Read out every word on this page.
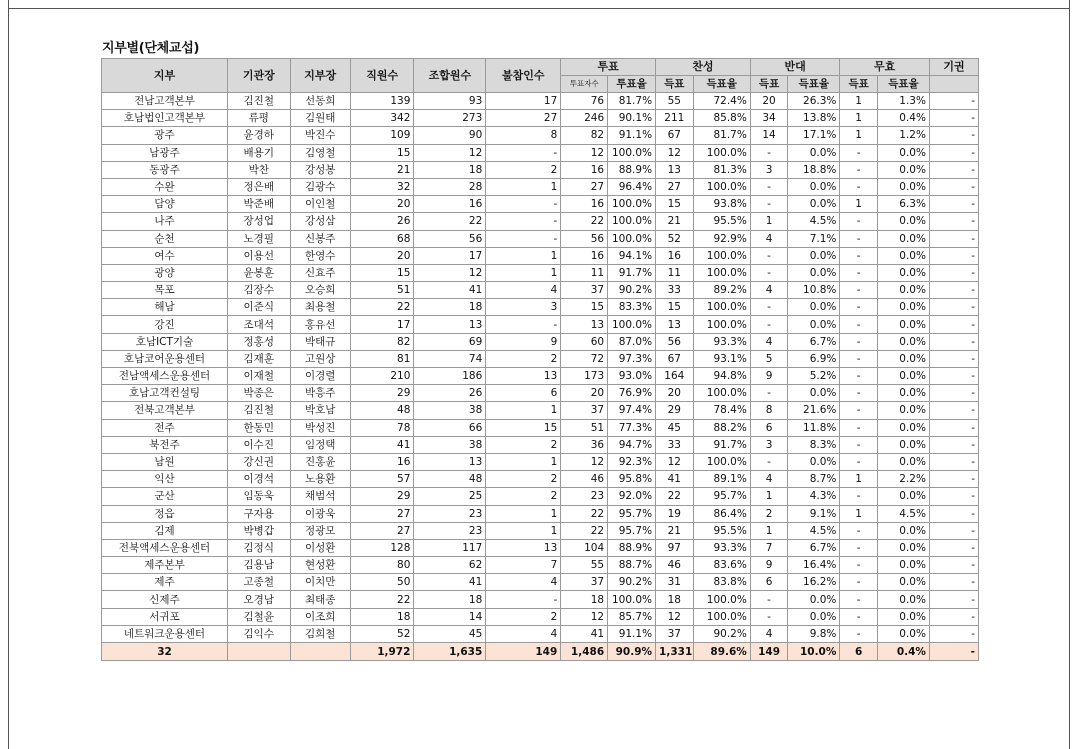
지부별(단체교섭)
지부	기관장	지부장	직원수	조합원수	불참인수	투표		찬성		반대		무효		기권
						투표자수	투표율	득표	득표율	득표	득표율	득표	득표율	
전남고객본부	김진철	선동희	139	93	17	76	81.7%	55	72.4%	20	26.3%	1	1.3%	-
호남법인고객본부	류평	김원태	342	273	27	246	90.1%	211	85.8%	34	13.8%	1	0.4%	-
광주	윤경하	박진수	109	90	8	82	91.1%	67	81.7%	14	17.1%	1	1.2%	-
남광주	배용기	김영철	15	12	-	12	100.0%	12	100.0%	-	0.0%	-	0.0%	-
동광주	박찬	강성봉	21	18	2	16	88.9%	13	81.3%	3	18.8%	-	0.0%	-
수완	정은배	김광수	32	28	1	27	96.4%	27	100.0%	-	0.0%	-	0.0%	-
담양	박준배	이인철	20	16	-	16	100.0%	15	93.8%	-	0.0%	1	6.3%	-
나주	장성업	강성삼	26	22	-	22	100.0%	21	95.5%	1	4.5%	-	0.0%	-
순천	노경필	신봉주	68	56	-	56	100.0%	52	92.9%	4	7.1%	-	0.0%	-
여수	이용선	한영수	20	17	1	16	94.1%	16	100.0%	-	0.0%	-	0.0%	-
광양	윤봉훈	신효주	15	12	1	11	91.7%	11	100.0%	-	0.0%	-	0.0%	-
목포	김장수	오승희	51	41	4	37	90.2%	33	89.2%	4	10.8%	-	0.0%	-
해남	이준식	최용철	22	18	3	15	83.3%	15	100.0%	-	0.0%	-	0.0%	-
강진	조대석	홍유선	17	13	-	13	100.0%	13	100.0%	-	0.0%	-	0.0%	-
호남ICT기술	정홍성	박태규	82	69	9	60	87.0%	56	93.3%	4	6.7%	-	0.0%	-
호남코어운용센터	김재훈	고원상	81	74	2	72	97.3%	67	93.1%	5	6.9%	-	0.0%	-
전남액세스운용센터	이재철	이경렬	210	186	13	173	93.0%	164	94.8%	9	5.2%	-	0.0%	-
호남고객컨설팅	박종은	박흥주	29	26	6	20	76.9%	20	100.0%	-	0.0%	-	0.0%	-
전북고객본부	김진철	박호남	48	38	1	37	97.4%	29	78.4%	8	21.6%	-	0.0%	-
전주	한동민	박성진	78	66	15	51	77.3%	45	88.2%	6	11.8%	-	0.0%	-
북전주	이수진	임정택	41	38	2	36	94.7%	33	91.7%	3	8.3%	-	0.0%	-
남원	강신권	진홍윤	16	13	1	12	92.3%	12	100.0%	-	0.0%	-	0.0%	-
익산	이경석	노용환	57	48	2	46	95.8%	41	89.1%	4	8.7%	1	2.2%	-
군산	임동욱	채범석	29	25	2	23	92.0%	22	95.7%	1	4.3%	-	0.0%	-
정읍	구자용	이광욱	27	23	1	22	95.7%	19	86.4%	2	9.1%	1	4.5%	-
김제	박병갑	정광모	27	23	1	22	95.7%	21	95.5%	1	4.5%	-	0.0%	-
전북액세스운용센터	김정식	이성환	128	117	13	104	88.9%	97	93.3%	7	6.7%	-	0.0%	-
제주본부	김용남	현성환	80	62	7	55	88.7%	46	83.6%	9	16.4%	-	0.0%	-
제주	고종철	이치만	50	41	4	37	90.2%	31	83.8%	6	16.2%	-	0.0%	-
신제주	오경남	최태종	22	18	-	18	100.0%	18	100.0%	-	0.0%	-	0.0%	-
서귀포	김철윤	이조희	18	14	2	12	85.7%	12	100.0%	-	0.0%	-	0.0%	-
네트워크운용센터	김익수	김희철	52	45	4	41	91.1%	37	90.2%	4	9.8%	-	0.0%	-
32			1,972	1,635	149	1,486	90.9%	1,331	89.6%	149	10.0%	6	0.4%	-
